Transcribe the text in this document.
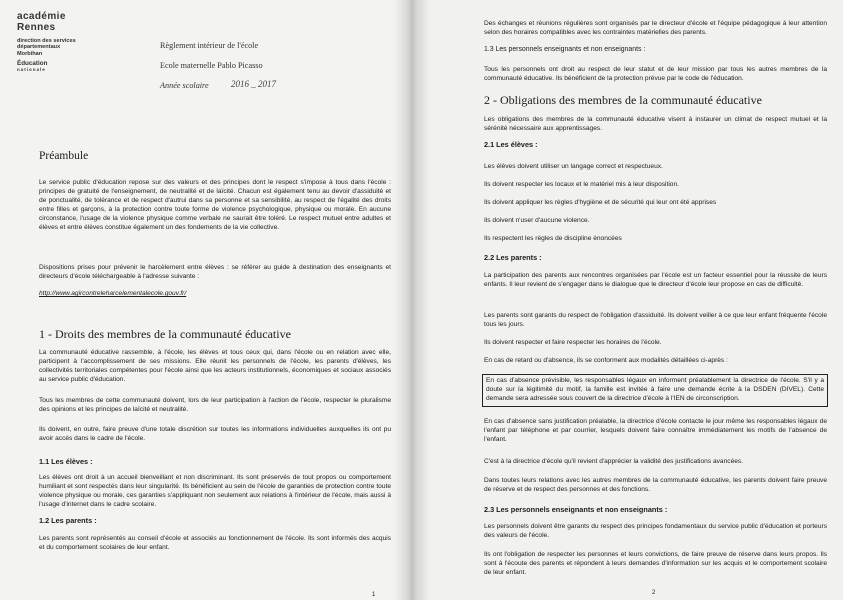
académie
Rennes
direction des services
départementaux
Morbihan
Éducation
nationale
Règlement intérieur de l'école
Ecole maternelle Pablo Picasso
Année scolaire 2016 _ 2017
Préambule
Le service public d'éducation repose sur des valeurs et des principes dont le respect s'impose à tous dans l'école : principes de gratuité de l'enseignement, de neutralité et de laïcité. Chacun est également tenu au devoir d'assiduité et de ponctualité, de tolérance et de respect d'autrui dans sa personne et sa sensibilité, au respect de l'égalité des droits entre filles et garçons, à la protection contre toute forme de violence psychologique, physique ou morale. En aucune circonstance, l'usage de la violence physique comme verbale ne saurait être toléré. Le respect mutuel entre adultes et élèves et entre élèves constitue également un des fondements de la vie collective.
Dispositions prises pour prévenir le harcèlement entre élèves : se référer au guide à destination des enseignants et directeurs d'école téléchargeable à l'adresse suivante :
http://www.agircontreleharcelementalecole.gouv.fr/
1 - Droits des membres de la communauté éducative
La communauté éducative rassemble, à l'école, les élèves et tous ceux qui, dans l'école ou en relation avec elle, participent à l'accomplissement de ses missions. Elle réunit les personnels de l'école, les parents d'élèves, les collectivités territoriales compétentes pour l'école ainsi que les acteurs institutionnels, économiques et sociaux associés au service public d'éducation.
Tous les membres de cette communauté doivent, lors de leur participation à l'action de l'école, respecter le pluralisme des opinions et les principes de laïcité et neutralité.
Ils doivent, en outre, faire preuve d'une totale discrétion sur toutes les informations individuelles auxquelles ils ont pu avoir accès dans le cadre de l'école.
1.1 Les élèves :
Les élèves ont droit à un accueil bienveillant et non discriminant. Ils sont préservés de tout propos ou comportement humiliant et sont respectés dans leur singularité. Ils bénéficient au sein de l'école de garanties de protection contre toute violence physique ou morale, ces garanties s'appliquant non seulement aux relations à l'intérieur de l'école, mais aussi à l'usage d'internet dans le cadre scolaire.
1.2 Les parents :
Les parents sont représentés au conseil d'école et associés au fonctionnement de l'école. Ils sont informés des acquis et du comportement scolaires de leur enfant.
1
Des échanges et réunions régulières sont organisés par le directeur d'école et l'équipe pédagogique à leur attention selon des horaires compatibles avec les contraintes matérielles des parents.
1.3 Les personnels enseignants et non enseignants :
Tous les personnels ont droit au respect de leur statut et de leur mission par tous les autres membres de la communauté éducative. Ils bénéficient de la protection prévue par le code de l'éducation.
2 - Obligations des membres de la communauté éducative
Les obligations des membres de la communauté éducative visent à instaurer un climat de respect mutuel et la sérénité nécessaire aux apprentissages.
2.1 Les élèves :
Les élèves doivent utiliser un langage correct et respectueux.
Ils doivent respecter les locaux et le matériel mis à leur disposition.
Ils doivent appliquer les règles d'hygiène et de sécurité qui leur ont été apprises
Ils doivent n'user d'aucune violence.
Ils respectent les règles de discipline énoncées
2.2 Les parents :
La participation des parents aux rencontres organisées par l'école est un facteur essentiel pour la réussite de leurs enfants. Il leur revient de s'engager dans le dialogue que le directeur d'école leur propose en cas de difficulté.
Les parents sont garants du respect de l'obligation d'assiduité. Ils doivent veiller à ce que leur enfant fréquente l'école tous les jours.
Ils doivent respecter et faire respecter les horaires de l'école.
En cas de retard ou d'absence, ils se conforment aux modalités détaillées ci-après :
En cas d'absence prévisible, les responsables légaux en informent préalablement la directrice de l'école. S'il y a doute sur la légitimité du motif, la famille est invitée à faire une demande écrite à la DSDEN (DIVEL). Cette demande sera adressée sous couvert de la directrice d'école à l'IEN de circonscription.
En cas d'absence sans justification préalable, la directrice d'école contacte le jour même les responsables légaux de l'enfant par téléphone et par courrier, lesquels doivent faire connaître immédiatement les motifs de l'absence de l'enfant.
C'est à la directrice d'école qu'il revient d'apprécier la validité des justifications avancées.
Dans toutes leurs relations avec les autres membres de la communauté éducative, les parents doivent faire preuve de réserve et de respect des personnes et des fonctions.
2.3 Les personnels enseignants et non enseignants :
Les personnels doivent être garants du respect des principes fondamentaux du service public d'éducation et porteurs des valeurs de l'école.
Ils ont l'obligation de respecter les personnes et leurs convictions, de faire preuve de réserve dans leurs propos. Ils sont à l'écoute des parents et répondent à leurs demandes d'information sur les acquis et le comportement scolaire de leur enfant.
2
